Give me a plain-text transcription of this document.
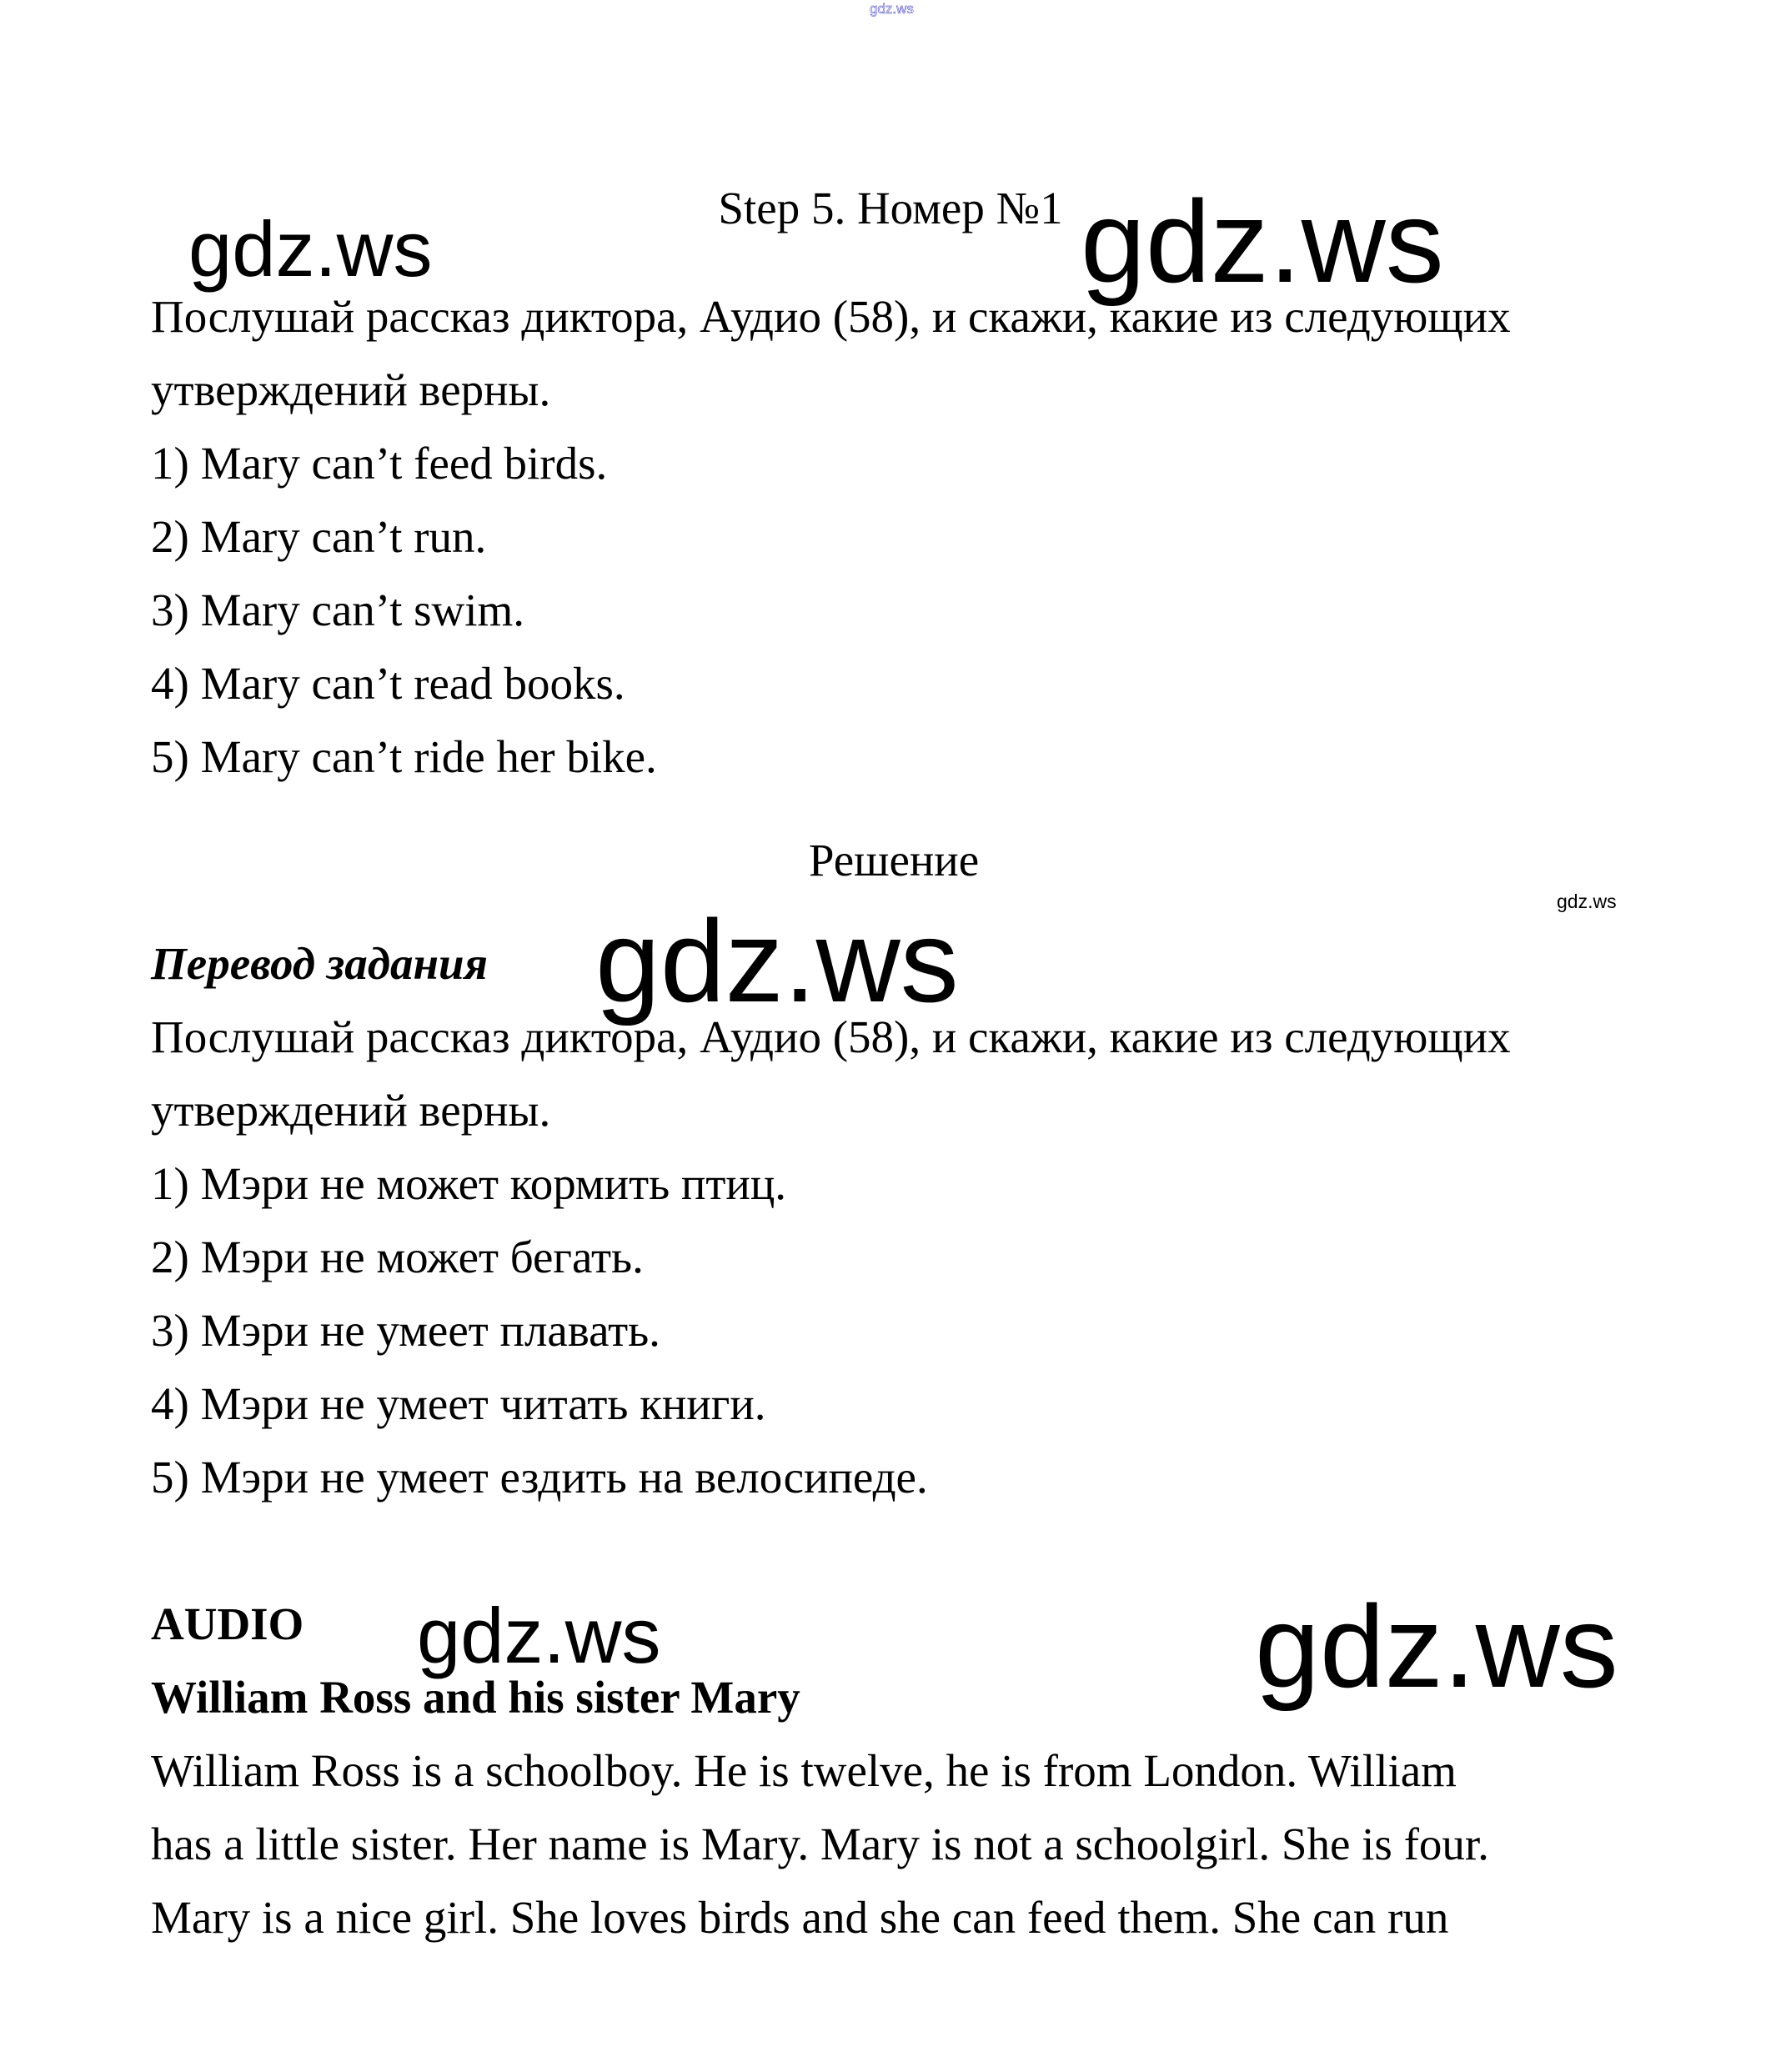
gdz.ws
Step 5. Номер №1
gdz.ws	gdz.ws
Послушай рассказ диктора, Аудио (58), и скажи, какие из следующих
утверждений верны.
1) Mary can’t feed birds.
2) Mary can’t run.
3) Mary can’t swim.
4) Mary can’t read books.
5) Mary can’t ride her bike.
Решение
gdz.ws
Перевод задания gdz.ws
Послушай рассказ диктора, Аудио (58), и скажи, какие из следующих
утверждений верны.
1) Мэри не может кормить птиц.
2) Мэри не может бегать.
3) Мэри не умеет плавать.
4) Мэри не умеет читать книги.
5) Мэри не умеет ездить на велосипеде.
AUDIO gdz.ws	gdz.ws
William Ross and his sister Mary
William Ross is a schoolboy. He is twelve, he is from London. William
has a little sister. Her name is Mary. Mary is not a schoolgirl. She is four.
Mary is a nice girl. She loves birds and she can feed them. She can run
